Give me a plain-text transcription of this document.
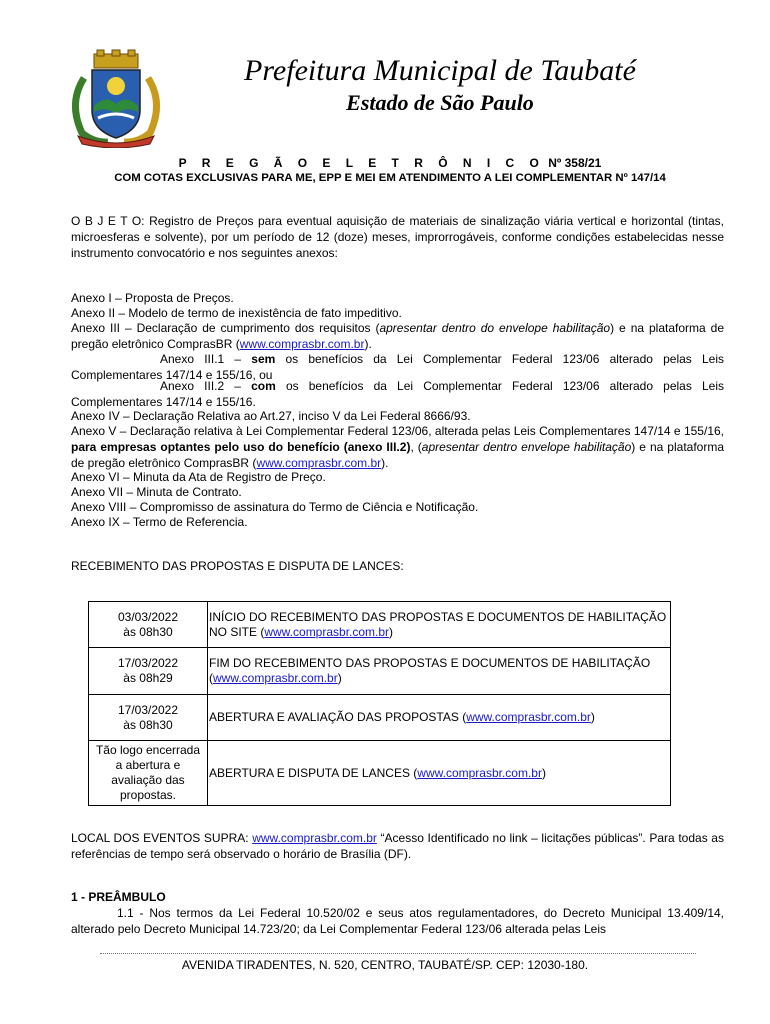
Prefeitura Municipal de Taubaté
Estado de São Paulo
P R E G Ã O E L E T R Ô N I C O Nº 358/21
COM COTAS EXCLUSIVAS PARA ME, EPP E MEI EM ATENDIMENTO A LEI COMPLEMENTAR Nº 147/14
O B J E T O: Registro de Preços para eventual aquisição de materiais de sinalização viária vertical e horizontal (tintas, microesferas e solvente), por um período de 12 (doze) meses, improrrogáveis, conforme condições estabelecidas nesse instrumento convocatório e nos seguintes anexos:
Anexo I – Proposta de Preços.
Anexo II – Modelo de termo de inexistência de fato impeditivo.
Anexo III – Declaração de cumprimento dos requisitos (apresentar dentro do envelope habilitação) e na plataforma de pregão eletrônico ComprasBR (www.comprasbr.com.br).
Anexo III.1 – sem os benefícios da Lei Complementar Federal 123/06 alterado pelas Leis Complementares 147/14 e 155/16, ou
Anexo III.2 – com os benefícios da Lei Complementar Federal 123/06 alterado pelas Leis Complementares 147/14 e 155/16.
Anexo IV – Declaração Relativa ao Art.27, inciso V da Lei Federal 8666/93.
Anexo V – Declaração relativa à Lei Complementar Federal 123/06, alterada pelas Leis Complementares 147/14 e 155/16, para empresas optantes pelo uso do benefício (anexo III.2), (apresentar dentro envelope habilitação) e na plataforma de pregão eletrônico ComprasBR (www.comprasbr.com.br).
Anexo VI – Minuta da Ata de Registro de Preço.
Anexo VII – Minuta de Contrato.
Anexo VIII – Compromisso de assinatura do Termo de Ciência e Notificação.
Anexo IX – Termo de Referencia.
RECEBIMENTO DAS PROPOSTAS E DISPUTA DE LANCES:
03/03/2022
às 08h30	INÍCIO DO RECEBIMENTO DAS PROPOSTAS E DOCUMENTOS DE HABILITAÇÃO NO SITE (www.comprasbr.com.br)

17/03/2022
às 08h29	FIM DO RECEBIMENTO DAS PROPOSTAS E DOCUMENTOS DE HABILITAÇÃO (www.comprasbr.com.br)

17/03/2022
às 08h30	ABERTURA E AVALIAÇÃO DAS PROPOSTAS (www.comprasbr.com.br)

Tão logo encerrada a abertura e avaliação das propostas.	ABERTURA E DISPUTA DE LANCES (www.comprasbr.com.br)
LOCAL DOS EVENTOS SUPRA: www.comprasbr.com.br “Acesso Identificado no link – licitações públicas”. Para todas as referências de tempo será observado o horário de Brasília (DF).
1 - PREÂMBULO
1.1 - Nos termos da Lei Federal 10.520/02 e seus atos regulamentadores, do Decreto Municipal 13.409/14, alterado pelo Decreto Municipal 14.723/20; da Lei Complementar Federal 123/06 alterada pelas Leis
AVENIDA TIRADENTES, N. 520, CENTRO, TAUBATÉ/SP. CEP: 12030-180.
